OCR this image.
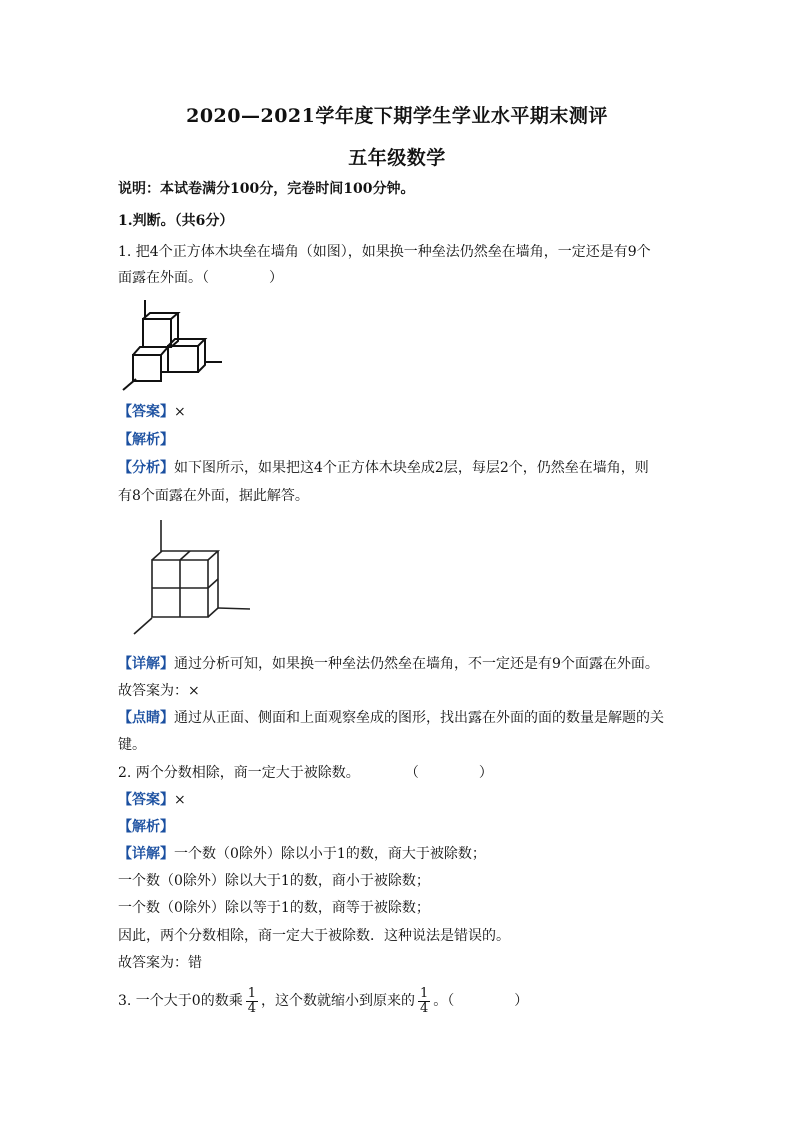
2020—2021学年度下期学生学业水平期末测评
五年级数学
说明：本试卷满分100分，完卷时间100分钟。
1.判断。（共6分）
1. 把4个正方体木块垒在墙角（如图），如果换一种垒法仍然垒在墙角，一定还是有9个
面露在外面。（	）
【答案】×
【解析】
【分析】如下图所示，如果把这4个正方体木块垒成2层，每层2个，仍然垒在墙角，则
有8个面露在外面，据此解答。
【详解】通过分析可知，如果换一种垒法仍然垒在墙角，不一定还是有9个面露在外面。
故答案为：×
【点睛】通过从正面、侧面和上面观察垒成的图形，找出露在外面的面的数量是解题的关
键。
2. 两个分数相除，商一定大于被除数。	（	）
【答案】×
【解析】
【详解】一个数（0除外）除以小于1的数，商大于被除数；
一个数（0除外）除以大于1的数，商小于被除数；
一个数（0除外）除以等于1的数，商等于被除数；
因此，两个分数相除，商一定大于被除数．这种说法是错误的。
故答案为：错
3. 一个大于0的数乘 $\frac{1}{4}$ ，这个数就缩小到原来的 $\frac{1}{4}$ 。（	）
